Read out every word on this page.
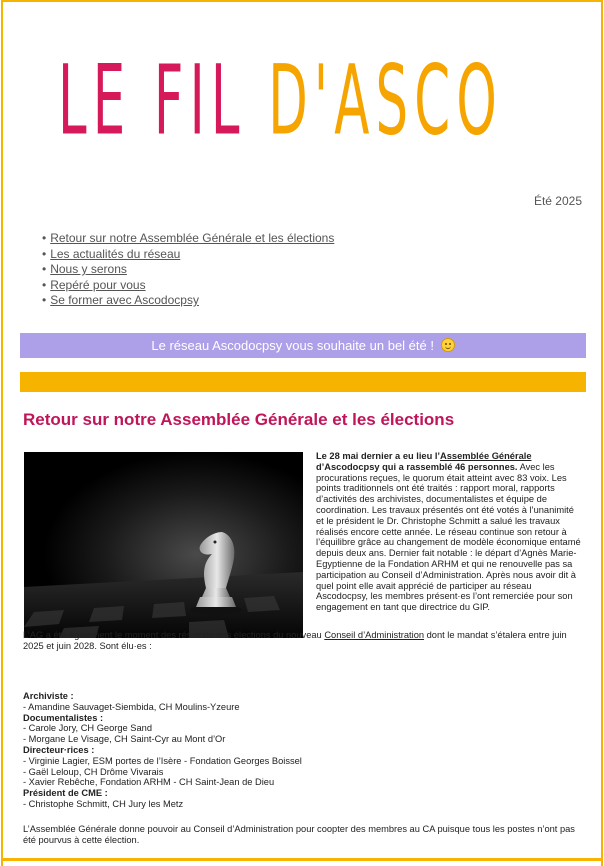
LE FIL D'ASCO
Été 2025
• Retour sur notre Assemblée Générale et les élections
• Les actualités du réseau
• Nous y serons
• Repéré pour vous
• Se former avec Ascodocpsy
Le réseau Ascodocpsy vous souhaite un bel été !
Retour sur notre Assemblée Générale et les élections
Le 28 mai dernier a eu lieu l’Assemblée Générale d’Ascodocpsy qui a rassemblé 46 personnes. Avec les procurations reçues, le quorum était atteint avec 83 voix. Les points traditionnels ont été traités : rapport moral, rapports d’activités des archivistes, documentalistes et équipe de coordination. Les travaux présentés ont été votés à l’unanimité et le président le Dr. Christophe Schmitt a salué les travaux réalisés encore cette année. Le réseau continue son retour à l’équilibre grâce au changement de modèle économique entamé depuis deux ans. Dernier fait notable : le départ d’Agnès Marie-Egyptienne de la Fondation ARHM et qui ne renouvelle pas sa participation au Conseil d’Administration. Après nous avoir dit à quel point elle avait apprécié de participer au réseau Ascodocpsy, les membres présent·es l’ont remerciée pour son engagement en tant que directrice du GIP.
L’AG a été également le moment des résultats des élections du nouveau Conseil d’Administration dont le mandat s’étalera entre juin 2025 et juin 2028. Sont élu·es :
Archiviste :
- Amandine Sauvaget-Siembida, CH Moulins-Yzeure
Documentalistes :
- Carole Jory, CH George Sand
- Morgane Le Visage, CH Saint-Cyr au Mont d’Or
Directeur·rices :
- Virginie Lagier, ESM portes de l’Isère - Fondation Georges Boissel
- Gaël Leloup, CH Drôme Vivarais
- Xavier Rebêche, Fondation ARHM - CH Saint-Jean de Dieu
Président de CME :
- Christophe Schmitt, CH Jury les Metz
L’Assemblée Générale donne pouvoir au Conseil d’Administration pour coopter des membres au CA puisque tous les postes n’ont pas été pourvus à cette élection.
